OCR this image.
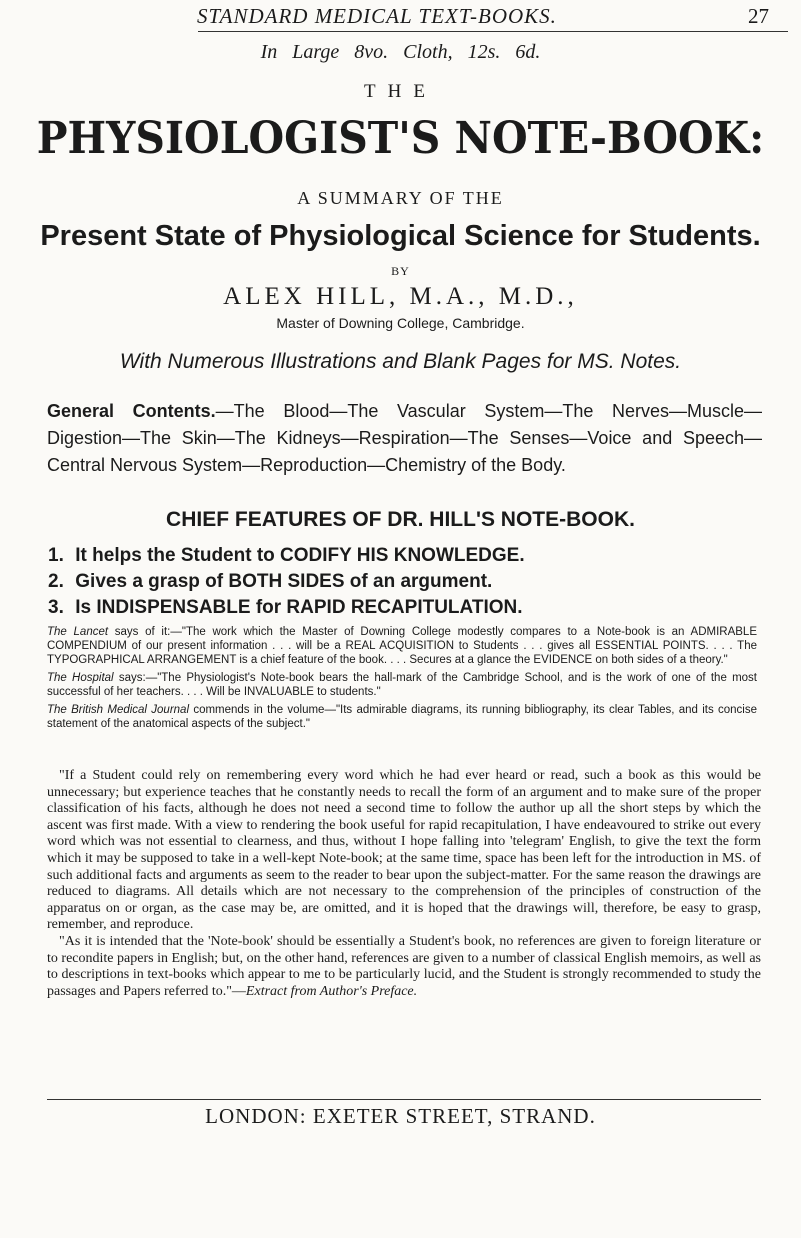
STANDARD MEDICAL TEXT-BOOKS.	27
In Large 8vo. Cloth, 12s. 6d.
THE
PHYSIOLOGIST'S NOTE-BOOK:
A SUMMARY OF THE
Present State of Physiological Science for Students.
BY
ALEX HILL, M.A., M.D.,
Master of Downing College, Cambridge.
With Numerous Illustrations and Blank Pages for MS. Notes.
General Contents.—The Blood—The Vascular System—The Nerves—Muscle—Digestion—The Skin—The Kidneys—Respiration—The Senses—Voice and Speech—Central Nervous System—Reproduction—Chemistry of the Body.
CHIEF FEATURES OF DR. HILL'S NOTE-BOOK.
1. It helps the Student to CODIFY HIS KNOWLEDGE.
2. Gives a grasp of BOTH SIDES of an argument.
3. Is INDISPENSABLE for RAPID RECAPITULATION.

The Lancet says of it:—"The work which the Master of Downing College modestly compares to a Note-book is an ADMIRABLE COMPENDIUM of our present information . . . will be a REAL ACQUISITION to Students . . . gives all ESSENTIAL POINTS. . . . The TYPOGRAPHICAL ARRANGEMENT is a chief feature of the book. . . . Secures at a glance the EVIDENCE on both sides of a theory."

The Hospital says:—"The Physiologist's Note-book bears the hall-mark of the Cambridge School, and is the work of one of the most successful of her teachers. . . . Will be INVALUABLE to students."

The British Medical Journal commends in the volume—"Its admirable diagrams, its running bibliography, its clear Tables, and its concise statement of the anatomical aspects of the subject."

"If a Student could rely on remembering every word which he had ever heard or read, such a book as this would be unnecessary; but experience teaches that he constantly needs to recall the form of an argument and to make sure of the proper classification of his facts, although he does not need a second time to follow the author up all the short steps by which the ascent was first made. With a view to rendering the book useful for rapid recapitulation, I have endeavoured to strike out every word which was not essential to clearness, and thus, without I hope falling into 'telegram' English, to give the text the form which it may be supposed to take in a well-kept Note-book; at the same time, space has been left for the introduction in MS. of such additional facts and arguments as seem to the reader to bear upon the subject-matter. For the same reason the drawings are reduced to diagrams. All details which are not necessary to the comprehension of the principles of construction of the apparatus on or organ, as the case may be, are omitted, and it is hoped that the drawings will, therefore, be easy to grasp, remember, and reproduce.

"As it is intended that the 'Note-book' should be essentially a Student's book, no references are given to foreign literature or to recondite papers in English; but, on the other hand, references are given to a number of classical English memoirs, as well as to descriptions in text-books which appear to me to be particularly lucid, and the Student is strongly recommended to study the passages and Papers referred to."—Extract from Author's Preface.

LONDON: EXETER STREET, STRAND.
